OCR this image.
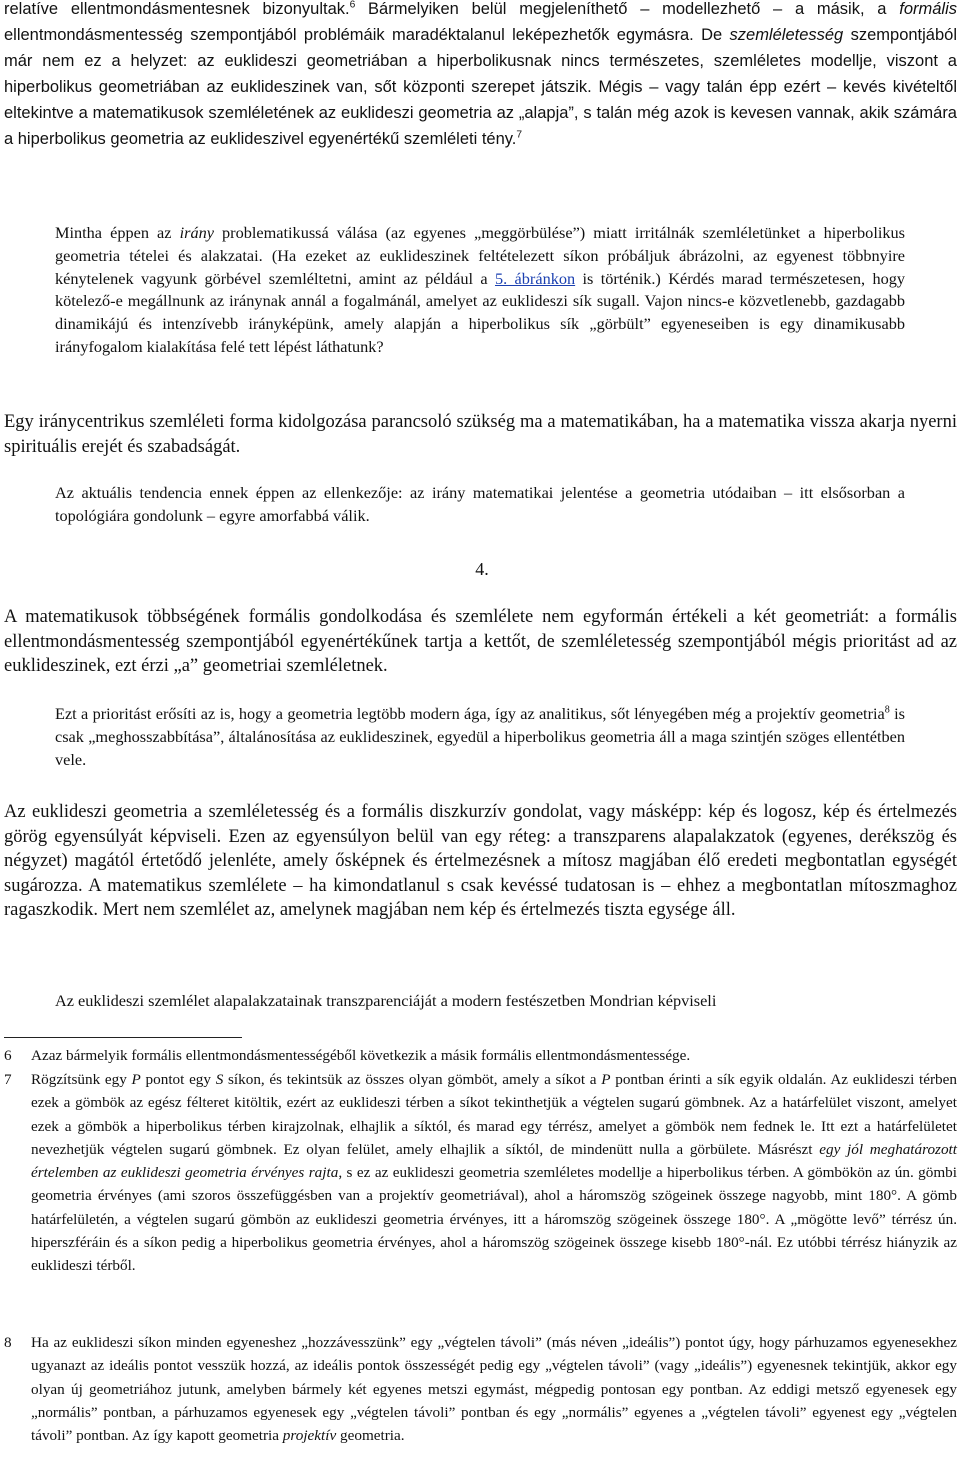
relatíve ellentmondásmentesnek bizonyultak.$^6$ Bármelyiken belül megjeleníthető – modellezhető – a másik, a formális ellentmondásmentesség szempontjából problémáik maradéktalanul leképezhetők egymásra. De szemléletesség szempontjából már nem ez a helyzet: az euklideszi geometriában a hiperbolikusnak nincs természetes, szemléletes modellje, viszont a hiperbolikus geometriában az euklideszinek van, sőt központi szerepet játszik. Mégis – vagy talán épp ezért – kevés kivételtől eltekintve a matematikusok szemléletének az euklideszi geometria az „alapja”, s talán még azok is kevesen vannak, akik számára a hiperbolikus geometria az euklideszivel egyenértékű szemléleti tény.$^7$

Mintha éppen az irány problematikussá válása (az egyenes „meggörbülése”) miatt irritálnák szemléletünket a hiperbolikus geometria tételei és alakzatai. (Ha ezeket az euklideszinek feltételezett síkon próbáljuk ábrázolni, az egyenest többnyire kénytelenek vagyunk görbével szemléltetni, amint az például a 5. ábránkon is történik.) Kérdés marad természetesen, hogy kötelező-e megállnunk az iránynak annál a fogalmánál, amelyet az euklideszi sík sugall. Vajon nincs-e közvetlenebb, gazdagabb dinamikájú és intenzívebb irányképünk, amely alapján a hiperbolikus sík „görbült” egyeneseiben is egy dinamikusabb irányfogalom kialakítása felé tett lépést láthatunk?

Egy iránycentrikus szemléleti forma kidolgozása parancsoló szükség ma a matematikában, ha a matematika vissza akarja nyerni spirituális erejét és szabadságát.

Az aktuális tendencia ennek éppen az ellenkezője: az irány matematikai jelentése a geometria utódaiban – itt elsősorban a topológiára gondolunk – egyre amorfabbá válik.

4.

A matematikusok többségének formális gondolkodása és szemlélete nem egyformán értékeli a két geometriát: a formális ellentmondásmentesség szempontjából egyenértékűnek tartja a kettőt, de szemléletesség szempontjából mégis prioritást ad az euklideszinek, ezt érzi „a” geometriai szemléletnek.

Ezt a prioritást erősíti az is, hogy a geometria legtöbb modern ága, így az analitikus, sőt lényegében még a projektív geometria$^8$ is csak „meghosszabbítása”, általánosítása az euklideszinek, egyedül a hiperbolikus geometria áll a maga szintjén szöges ellentétben vele.

Az euklideszi geometria a szemléletesség és a formális diszkurzív gondolat, vagy másképp: kép és logosz, kép és értelmezés görög egyensúlyát képviseli. Ezen az egyensúlyon belül van egy réteg: a transzparens alapalakzatok (egyenes, derékszög és négyzet) magától értetődő jelenléte, amely ősképnek és értelmezésnek a mítosz magjában élő eredeti megbontatlan egységét sugározza. A matematikus szemlélete – ha kimondatlanul s csak kevéssé tudatosan is – ehhez a megbontatlan mítoszmaghoz ragaszkodik. Mert nem szemlélet az, amelynek magjában nem kép és értelmezés tiszta egysége áll.

Az euklideszi szemlélet alapalakzatainak transzparenciáját a modern festészetben Mondrian képviseli

6 Azaz bármelyik formális ellentmondásmentességéből következik a másik formális ellentmondásmentessége.
7 Rögzítsünk egy P pontot egy S síkon, és tekintsük az összes olyan gömböt, amely a síkot a P pontban érinti a sík egyik oldalán. Az euklideszi térben ezek a gömbök az egész félteret kitöltik, ezért az euklideszi térben a síkot tekinthetjük a végtelen sugarú gömbnek. Az a határfelület viszont, amelyet ezek a gömbök a hiperbolikus térben kirajzolnak, elhajlik a síktól, és marad egy térrész, amelyet a gömbök nem fednek le. Itt ezt a határfelületet nevezhetjük végtelen sugarú gömbnek. Ez olyan felület, amely elhajlik a síktól, de mindenütt nulla a görbülete. Másrészt egy jól meghatározott értelemben az euklideszi geometria érvényes rajta, s ez az euklideszi geometria szemléletes modellje a hiperbolikus térben. A gömbökön az ún. gömbi geometria érvényes (ami szoros összefüggésben van a projektív geometriával), ahol a háromszög szögeinek összege nagyobb, mint 180°. A gömb határfelületén, a végtelen sugarú gömbön az euklideszi geometria érvényes, itt a háromszög szögeinek összege 180°. A „mögötte levő” térrész ún. hiperszféráin és a síkon pedig a hiperbolikus geometria érvényes, ahol a háromszög szögeinek összege kisebb 180°-nál. Ez utóbbi térrész hiányzik az euklideszi térből.
8 Ha az euklideszi síkon minden egyeneshez „hozzávesszünk” egy „végtelen távoli” (más néven „ideális”) pontot úgy, hogy párhuzamos egyenesekhez ugyanazt az ideális pontot vesszük hozzá, az ideális pontok összességét pedig egy „végtelen távoli” (vagy „ideális”) egyenesnek tekintjük, akkor egy olyan új geometriához jutunk, amelyben bármely két egyenes metszi egymást, mégpedig pontosan egy pontban. Az eddigi metsző egyenesek egy „normális” pontban, a párhuzamos egyenesek egy „végtelen távoli” pontban és egy „normális” egyenes a „végtelen távoli” egyenest egy „végtelen távoli” pontban. Az így kapott geometria projektív geometria.
